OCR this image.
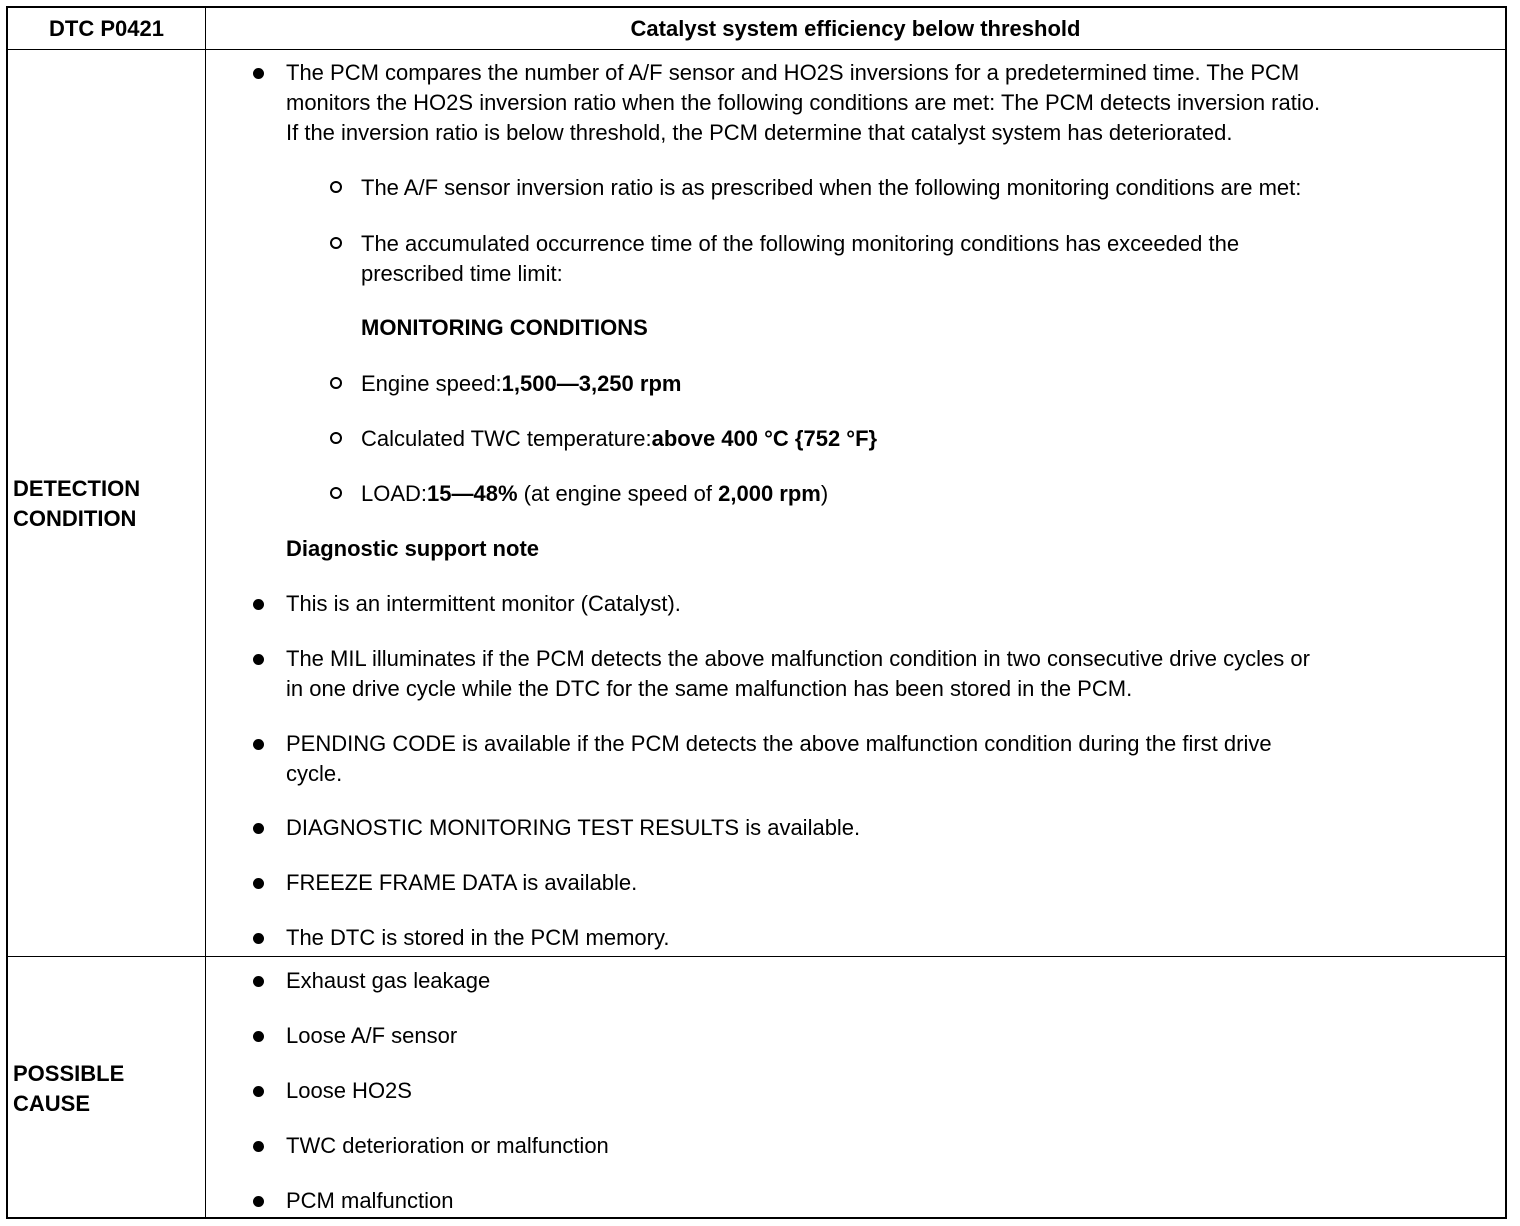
DTC P0421	Catalyst system efficiency below threshold
DETECTION
CONDITION
The PCM compares the number of A/F sensor and HO2S inversions for a predetermined time. The PCM
monitors the HO2S inversion ratio when the following conditions are met: The PCM detects inversion ratio.
If the inversion ratio is below threshold, the PCM determine that catalyst system has deteriorated.
The A/F sensor inversion ratio is as prescribed when the following monitoring conditions are met:
The accumulated occurrence time of the following monitoring conditions has exceeded the
prescribed time limit:
MONITORING CONDITIONS
Engine speed:1,500—3,250 rpm
Calculated TWC temperature:above 400 °C {752 °F}
LOAD:15—48% (at engine speed of 2,000 rpm)
Diagnostic support note
This is an intermittent monitor (Catalyst).
The MIL illuminates if the PCM detects the above malfunction condition in two consecutive drive cycles or
in one drive cycle while the DTC for the same malfunction has been stored in the PCM.
PENDING CODE is available if the PCM detects the above malfunction condition during the first drive
cycle.
DIAGNOSTIC MONITORING TEST RESULTS is available.
FREEZE FRAME DATA is available.
The DTC is stored in the PCM memory.
POSSIBLE
CAUSE
Exhaust gas leakage
Loose A/F sensor
Loose HO2S
TWC deterioration or malfunction
PCM malfunction
